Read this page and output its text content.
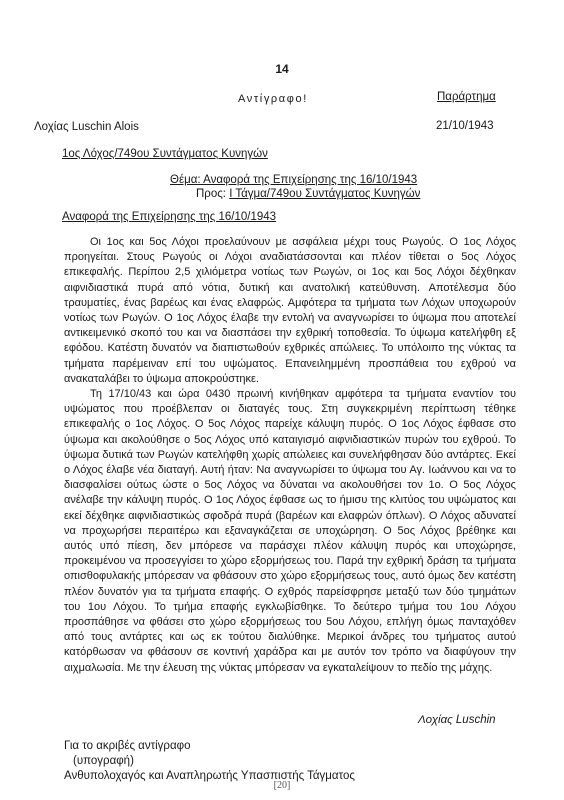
14
Αντίγραφο!	Παράρτημα
Λοχίας Luschin Alois	21/10/1943
1ος Λόχος/749ου Συντάγματος Κυνηγών
Θέμα: Αναφορά της Επιχείρησης της 16/10/1943
Προς: Ι Τάγμα/749ου Συντάγματος Κυνηγών
Αναφορά της Επιχείρησης της 16/10/1943

Οι 1ος και 5ος Λόχοι προελαύνουν με ασφάλεια μέχρι τους Ρωγούς. Ο 1ος Λόχος προηγείται. Στους Ρωγούς οι Λόχοι αναδιατάσσονται και πλέον τίθεται ο 5ος Λόχος επικεφαλής. Περίπου 2,5 χιλιόμετρα νοτίως των Ρωγών, οι 1ος και 5ος Λόχοι δέχθηκαν αιφνιδιαστικά πυρά από νότια, δυτική και ανατολική κατεύθυνση. Αποτέλεσμα δύο τραυματίες, ένας βαρέως και ένας ελαφρώς. Αμφότερα τα τμήματα των Λόχων υποχωρούν νοτίως των Ρωγών. Ο 1ος Λόχος έλαβε την εντολή να αναγνωρίσει το ύψωμα που αποτελεί αντικειμενικό σκοπό του και να διασπάσει την εχθρική τοποθεσία. Το ύψωμα κατελήφθη εξ εφόδου. Κατέστη δυνατόν να διαπιστωθούν εχθρικές απώλειες. Το υπόλοιπο της νύκτας τα τμήματα παρέμειναν επί του υψώματος. Επανειλημμένη προσπάθεια του εχθρού να ανακαταλάβει το ύψωμα αποκρούστηκε.

Τη 17/10/43 και ώρα 0430 πρωινή κινήθηκαν αμφότερα τα τμήματα εναντίον του υψώματος που προέβλεπαν οι διαταγές τους. Στη συγκεκριμένη περίπτωση τέθηκε επικεφαλής ο 1ος Λόχος. Ο 5ος Λόχος παρείχε κάλυψη πυρός. Ο 1ος Λόχος έφθασε στο ύψωμα και ακολούθησε ο 5ος Λόχος υπό καταιγισμό αιφνιδιαστικών πυρών του εχθρού. Το ύψωμα δυτικά των Ρωγών κατελήφθη χωρίς απώλειες και συνελήφθησαν δύο αντάρτες. Εκεί ο Λόχος έλαβε νέα διαταγή. Αυτή ήταν: Να αναγνωρίσει το ύψωμα του Αγ. Ιωάννου και να το διασφαλίσει ούτως ώστε ο 5ος Λόχος να δύναται να ακολουθήσει τον 1ο. Ο 5ος Λόχος ανέλαβε την κάλυψη πυρός. Ο 1ος Λόχος έφθασε ως το ήμισυ της κλιτύος του υψώματος και εκεί δέχθηκε αιφνιδιαστικώς σφοδρά πυρά (βαρέων και ελαφρών όπλων). Ο Λόχος αδυνατεί να προχωρήσει περαιτέρω και εξαναγκάζεται σε υποχώρηση. Ο 5ος Λόχος βρέθηκε και αυτός υπό πίεση, δεν μπόρεσε να παράσχει πλέον κάλυψη πυρός και υποχώρησε, προκειμένου να προσεγγίσει το χώρο εξορμήσεως του. Παρά την εχθρική δράση τα τμήματα οπισθοφυλακής μπόρεσαν να φθάσουν στο χώρο εξορμήσεως τους, αυτό όμως δεν κατέστη πλέον δυνατόν για τα τμήματα επαφής. Ο εχθρός παρείσφρησε μεταξύ των δύο τμημάτων του 1ου Λόχου. Το τμήμα επαφής εγκλωβίσθηκε. Το δεύτερο τμήμα του 1ου Λόχου προσπάθησε να φθάσει στο χώρο εξορμήσεως του 5ου Λόχου, επλήγη όμως πανταχόθεν από τους αντάρτες και ως εκ τούτου διαλύθηκε. Μερικοί άνδρες του τμήματος αυτού κατόρθωσαν να φθάσουν σε κοντινή χαράδρα και με αυτόν τον τρόπο να διαφύγουν την αιχμαλωσία. Με την έλευση της νύκτας μπόρεσαν να εγκαταλείψουν το πεδίο της μάχης.

Λοχίας Luschin
Για το ακριβές αντίγραφο
(υπογραφή)
Ανθυπολοχαγός και Αναπληρωτής Υπασπιστής Τάγματος
[20]
